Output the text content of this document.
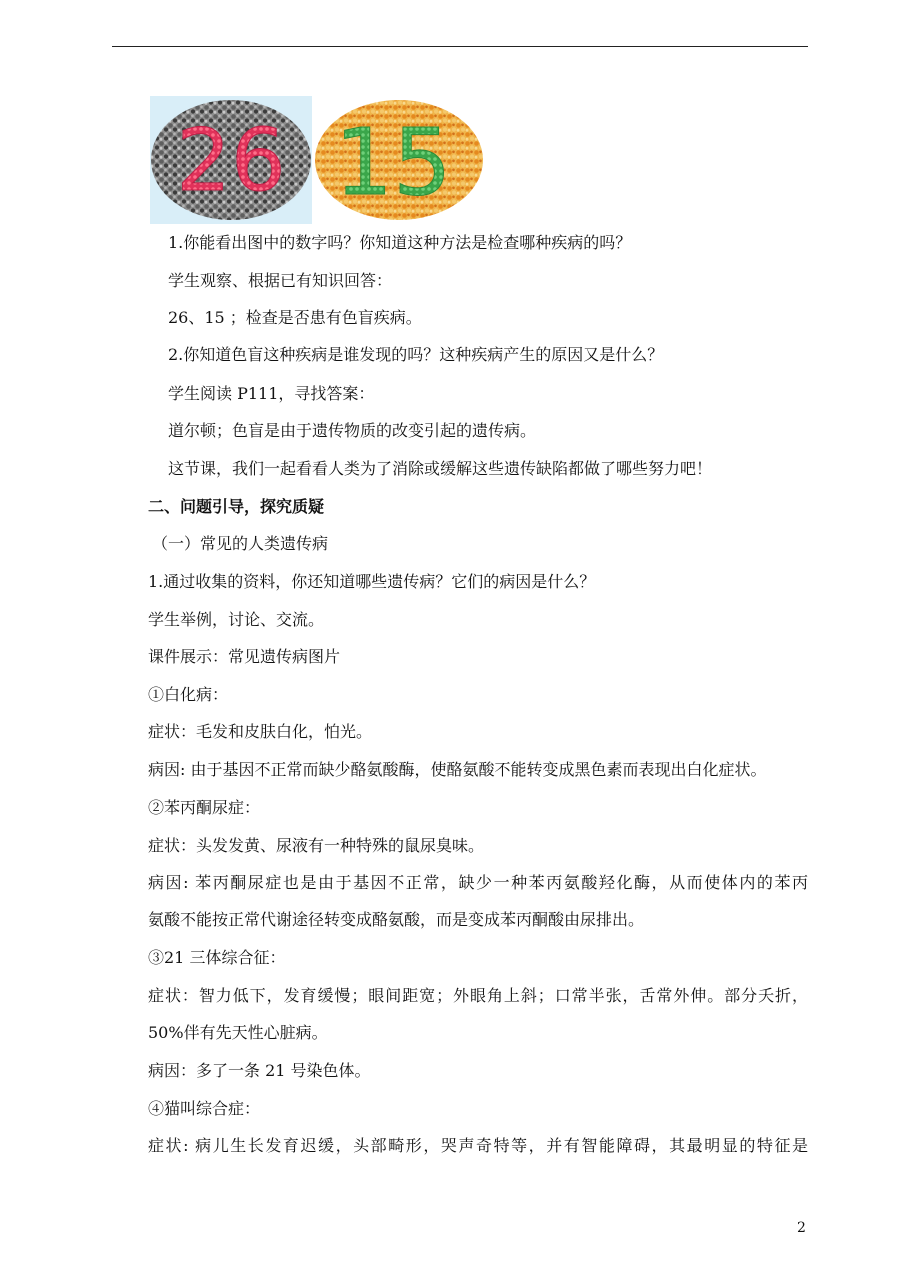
26 15
1.你能看出图中的数字吗？你知道这种方法是检查哪种疾病的吗？
学生观察、根据已有知识回答：
26、15 ；检查是否患有色盲疾病。
2.你知道色盲这种疾病是谁发现的吗？这种疾病产生的原因又是什么？
学生阅读 P111，寻找答案：
道尔顿；色盲是由于遗传物质的改变引起的遗传病。
这节课，我们一起看看人类为了消除或缓解这些遗传缺陷都做了哪些努力吧！
二、问题引导，探究质疑
（一）常见的人类遗传病
1.通过收集的资料，你还知道哪些遗传病？它们的病因是什么？
学生举例，讨论、交流。
课件展示：常见遗传病图片
①白化病：
症状：毛发和皮肤白化，怕光。
病因: 由于基因不正常而缺少酪氨酸酶，使酪氨酸不能转变成黑色素而表现出白化症状。
②苯丙酮尿症：
症状：头发发黄、尿液有一种特殊的鼠尿臭味。
病因: 苯丙酮尿症也是由于基因不正常，缺少一种苯丙氨酸羟化酶，从而使体内的苯丙
氨酸不能按正常代谢途径转变成酪氨酸，而是变成苯丙酮酸由尿排出。
③21 三体综合征：
症状：智力低下，发育缓慢；眼间距宽；外眼角上斜；口常半张，舌常外伸。部分夭折，
50%伴有先天性心脏病。
病因：多了一条 21 号染色体。
④猫叫综合症：
症状: 病儿生长发育迟缓，头部畸形，哭声奇特等，并有智能障碍，其最明显的特征是
2
